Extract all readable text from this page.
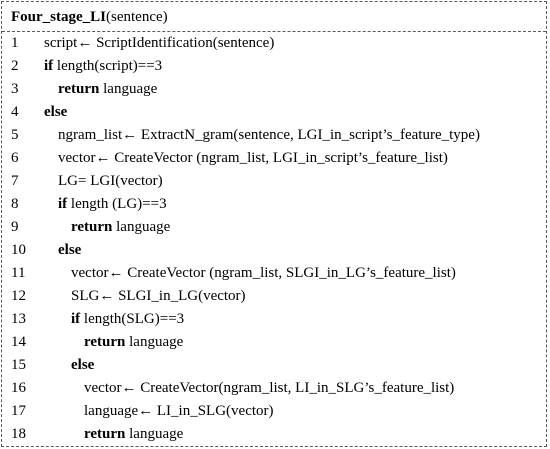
Four_stage_LI(sentence)
1 script← ScriptIdentification(sentence)
2 if length(script)==3
3	return language
4 else
5	ngram_list← ExtractN_gram(sentence, LGI_in_script’s_feature_type)
6	vector← CreateVector (ngram_list, LGI_in_script’s_feature_list)
7	LG= LGI(vector)
8	if length (LG)==3
9	return language
10 else
11	vector← CreateVector (ngram_list, SLGI_in_LG’s_feature_list)
12	SLG← SLGI_in_LG(vector)
13	if length(SLG)==3
14	return language
15	else
16	vector← CreateVector(ngram_list, LI_in_SLG’s_feature_list)
17	language← LI_in_SLG(vector)
18	return language
